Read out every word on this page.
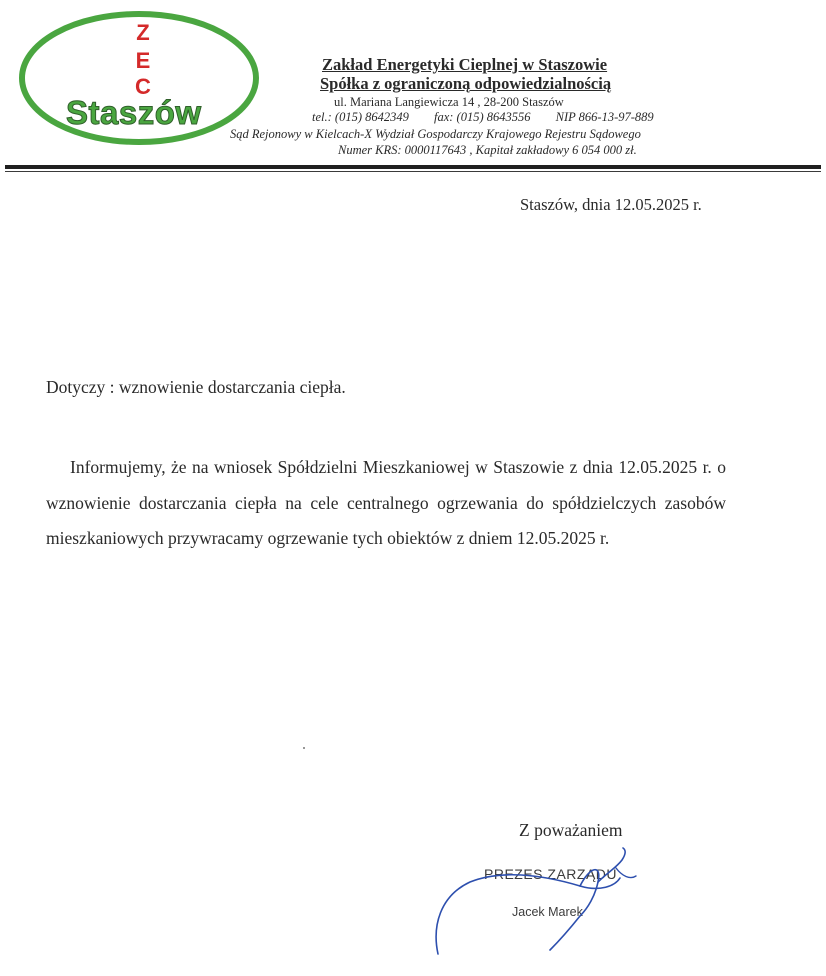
Z
E
C
Staszów
Zakład Energetyki Cieplnej w Staszowie
Spółka z ograniczoną odpowiedzialnością
ul. Mariana Langiewicza 14 , 28-200 Staszów
tel.: (015) 8642349 fax: (015) 8643556 NIP 866-13-97-889
Sąd Rejonowy w Kielcach-X Wydział Gospodarczy Krajowego Rejestru Sądowego
Numer KRS: 0000117643 , Kapitał zakładowy 6 054 000 zł.
Staszów, dnia 12.05.2025 r.
Dotyczy : wznowienie dostarczania ciepła.

Informujemy, że na wniosek Spółdzielni Mieszkaniowej w Staszowie z dnia 12.05.2025 r. o wznowienie dostarczania ciepła na cele centralnego ogrzewania do spółdzielczych zasobów mieszkaniowych przywracamy ogrzewanie tych obiektów z dniem 12.05.2025 r.

Z poważaniem
PREZES ZARZĄDU
Jacek Marek
